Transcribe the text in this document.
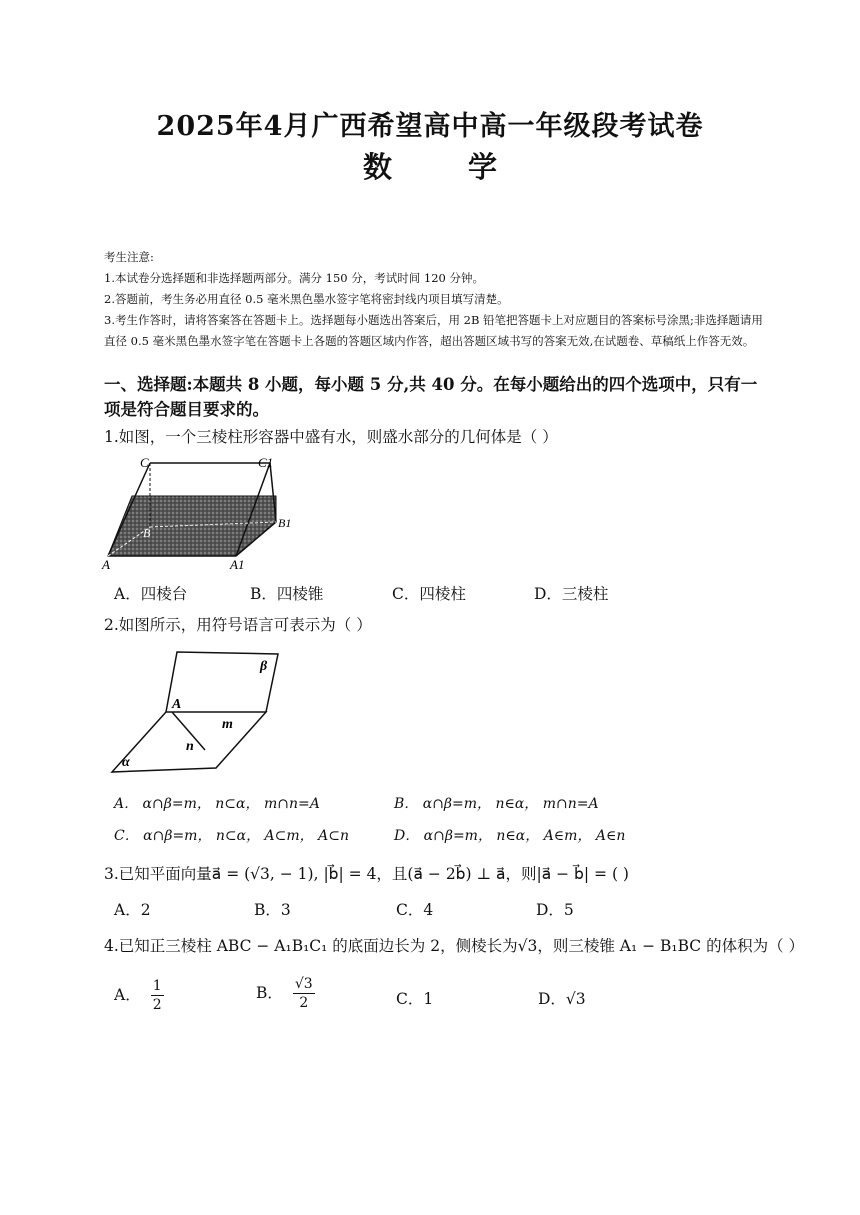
2025年4月广西希望高中高一年级段考试卷
数	学

考生注意:

1.本试卷分选择题和非选择题两部分。满分 150 分，考试时间 120 分钟。

2.答题前，考生务必用直径 0.5 毫米黑色墨水签字笔将密封线内项目填写清楚。

3.考生作答时，请将答案答在答题卡上。选择题每小题选出答案后，用 2B 铅笔把答题卡上对应题目的答案标号涂黑;非选择题请用直径 0.5 毫米黑色墨水签字笔在答题卡上各题的答题区域内作答，超出答题区域书写的答案无效,在试题卷、草稿纸上作答无效。

一、选择题:本题共 8 小题，每小题 5 分,共 40 分。在每小题给出的四个选项中，只有一项是符合题目要求的。
1.如图，一个三棱柱形容器中盛有水，则盛水部分的几何体是（ ）
C	C1
B
B1
A	A1
A．四棱台	B．四棱锥	C．四棱柱	D．三棱柱
2.如图所示，用符号语言可表示为（ ）
β
A
m
n
α
A． α∩β=m， n⊂α， m∩n=A	B． α∩β=m， n∈α， m∩n=A
C． α∩β=m， n⊂α， A⊂m， A⊂n	D． α∩β=m， n∈α， A∈m， A∈n
3.已知平面向量a⃗ = (√3, − 1), |b⃗| = 4，且(a⃗ − 2b⃗) ⊥ a⃗，则|a⃗ − b⃗| = ( )
A．2	B．3	C．4	D．5
4.已知正三棱柱 ABC − A₁B₁C₁ 的底面边长为 2，侧棱长为√3，则三棱锥 A₁ − B₁BC 的体积为（ ）
A． $\frac{1}{2}$	B． $\frac{√3}{2}$	C．1	D．√3
